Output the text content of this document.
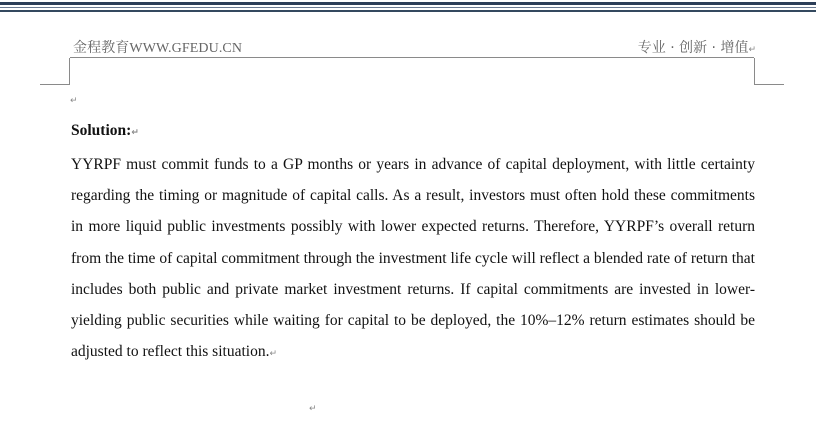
金程教育WWW.GFEDU.CN	专业 · 创新 · 增值↵
↵
Solution:↵
YYRPF must commit funds to a GP months or years in advance of capital deployment, with little certainty regarding the timing or magnitude of capital calls. As a result, investors must often hold these commitments in more liquid public investments possibly with lower expected returns. Therefore, YYRPF’s overall return from the time of capital commitment through the investment life cycle will reflect a blended rate of return that includes both public and private market investment returns. If capital commitments are invested in lower-yielding public securities while waiting for capital to be deployed, the 10%–12% return estimates should be adjusted to reflect this situation.↵
↵
